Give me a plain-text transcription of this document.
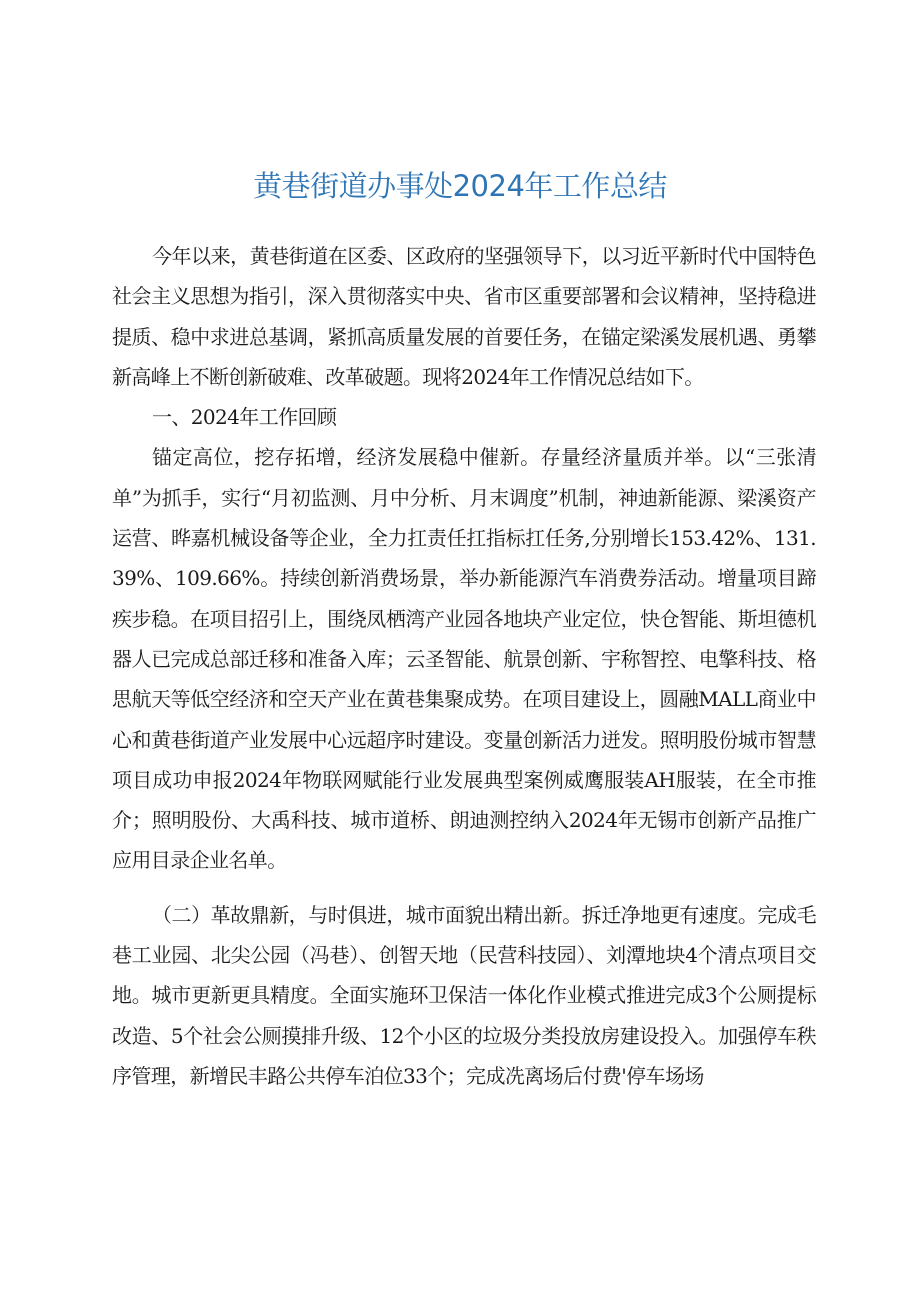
黄巷街道办事处2024年工作总结

今年以来，黄巷街道在区委、区政府的坚强领导下，以习近平新时代中国特色社会主义思想为指引，深入贯彻落实中央、省市区重要部署和会议精神，坚持稳进提质、稳中求进总基调，紧抓高质量发展的首要任务，在锚定梁溪发展机遇、勇攀新高峰上不断创新破难、改革破题。现将2024年工作情况总结如下。

一、2024年工作回顾

锚定高位，挖存拓增，经济发展稳中催新。存量经济量质并举。以“三张清单”为抓手，实行“月初监测、月中分析、月末调度”机制，神迪新能源、梁溪资产运营、晔嘉机械设备等企业，全力扛责任扛指标扛任务,分别增长153.42%、131.39%、109.66%。持续创新消费场景，举办新能源汽车消费券活动。增量项目蹄疾步稳。在项目招引上，围绕凤栖湾产业园各地块产业定位，快仓智能、斯坦德机器人已完成总部迁移和准备入库；云圣智能、航景创新、宇称智控、电擎科技、格思航天等低空经济和空天产业在黄巷集聚成势。在项目建设上，圆融MALL商业中心和黄巷街道产业发展中心远超序时建设。变量创新活力迸发。照明股份城市智慧项目成功申报2024年物联网赋能行业发展典型案例威鹰服装AH服装，在全市推介；照明股份、大禹科技、城市道桥、朗迪测控纳入2024年无锡市创新产品推广应用目录企业名单。

（二）革故鼎新，与时俱进，城市面貌出精出新。拆迁净地更有速度。完成毛巷工业园、北尖公园（冯巷）、创智天地（民营科技园）、刘潭地块4个清点项目交地。城市更新更具精度。全面实施环卫保洁一体化作业模式推进完成3个公厕提标改造、5个社会公厕摸排升级、12个小区的垃圾分类投放房建设投入。加强停车秩序管理，新增民丰路公共停车泊位33个；完成冼离场后付费'停车场场
